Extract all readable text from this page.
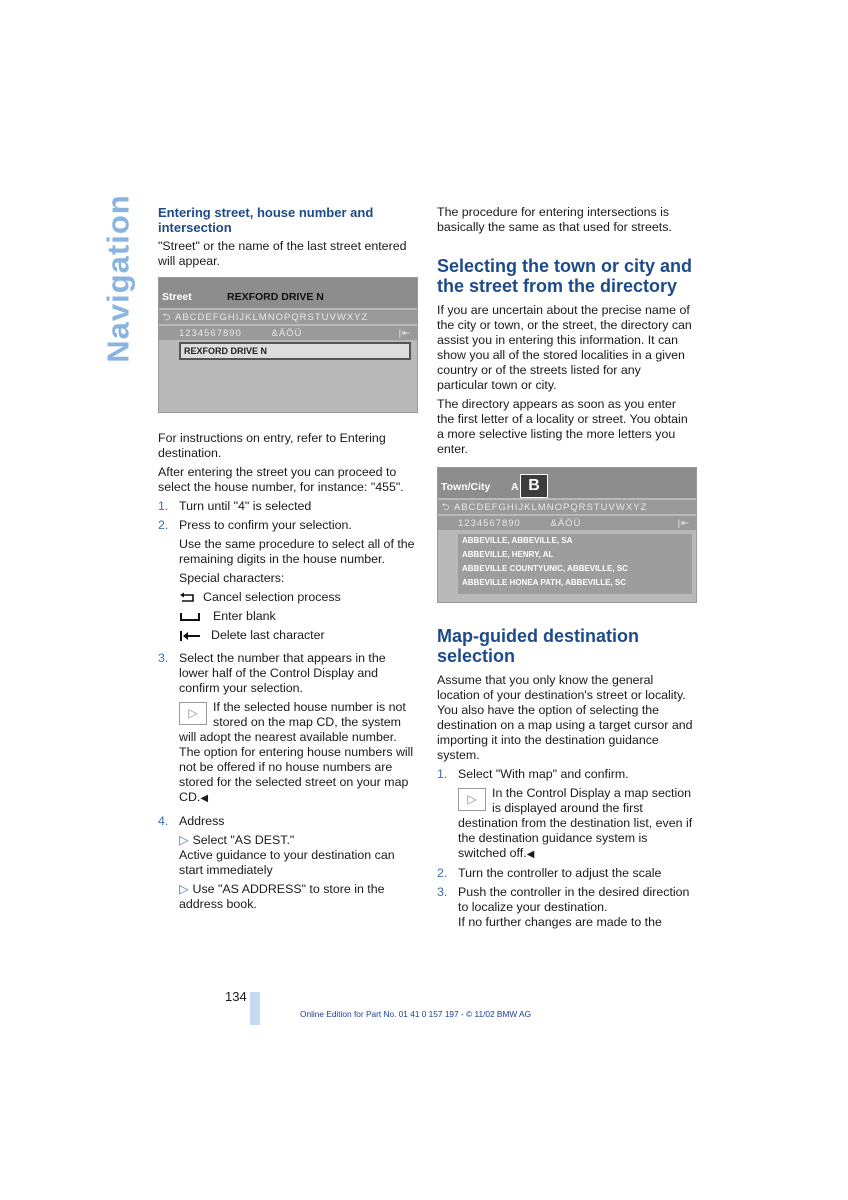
Navigation Entering street, house number and intersection

"Street" or the name of the last street entered will appear.

Street	REXFORD DRIVE N
⮌ ABCDEFGHIJKLMNOPQRSTUVWXYZ
1234567890	&ÄÖÜ	|⇤
REXFORD DRIVE N

For instructions on entry, refer to Entering destination.

After entering the street you can proceed to select the house number, for instance: "455".

1. Turn until "4" is selected
2. Press to confirm your selection.

Use the same procedure to select all of the remaining digits in the house number.

Special characters:

Cancel selection process
Enter blank
Delete last character
3. Select the number that appears in the lower half of the Control Display and confirm your selection.

▷	If the selected house number is not stored on the map CD, the system will adopt the nearest available number.

The option for entering house numbers will not be offered if no house numbers are stored for the selected street on your map CD.◀

4. Address

▷ Select "AS DEST."
Active guidance to your destination can start immediately

▷ Use "AS ADDRESS" to store in the address book.

The procedure for entering intersections is basically the same as that used for streets.

Selecting the town or city and the street from the directory

If you are uncertain about the precise name of the city or town, or the street, the directory can assist you in entering this information. It can show you all of the stored localities in a given country or of the streets listed for any particular town or city.

The directory appears as soon as you enter the first letter of a locality or street. You obtain a more selective listing the more letters you enter.

Town/City A B
⮌ ABCDEFGHIJKLMNOPQRSTUVWXYZ
1234567890	&ÄÖÜ	|⇤
ABBEVILLE, ABBEVILLE, SA
ABBEVILLE, HENRY, AL
ABBEVILLE COUNTYUNIC, ABBEVILLE, SC
ABBEVILLE HONEA PATH, ABBEVILLE, SC
Map-guided destination selection

Assume that you only know the general location of your destination's street or locality. You also have the option of selecting the destination on a map using a target cursor and importing it into the destination guidance system.

1. Select "With map" and confirm.

▷	In the Control Display a map section is displayed around the first destination from the destination list, even if the destination guidance system is switched off.◀
2. Turn the controller to adjust the scale
3. Push the controller in the desired direction to localize your destination.
If no further changes are made to the
134
Online Edition for Part No. 01 41 0 157 197 - © 11/02 BMW AG
